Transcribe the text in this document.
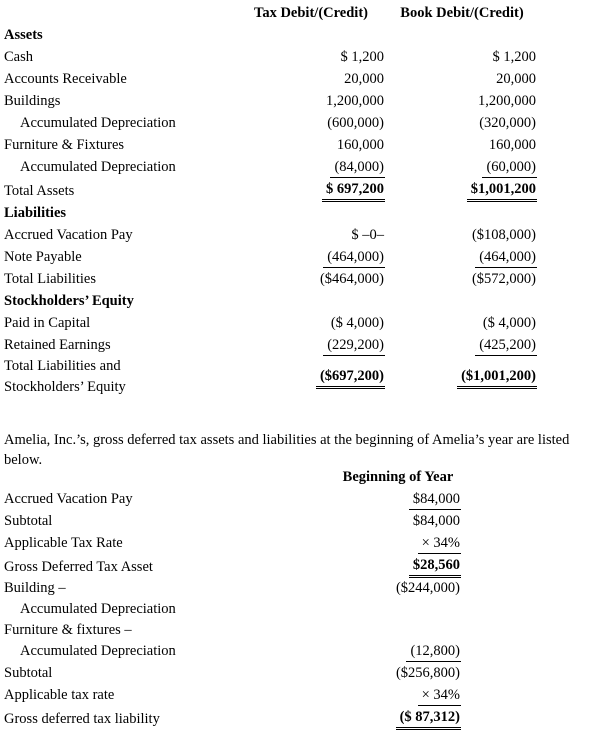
	Tax Debit/(Credit)	Book Debit/(Credit)
Assets		
Cash	$ 1,200	$ 1,200
Accounts Receivable	20,000	20,000
Buildings	1,200,000	1,200,000
Accumulated Depreciation	(600,000)	(320,000)
Furniture & Fixtures	160,000	160,000
Accumulated Depreciation	(84,000)	(60,000)
Total Assets	$ 697,200	$1,001,200

Liabilities		
Accrued Vacation Pay	$ –0–	($108,000)
Note Payable	(464,000)	(464,000)
Total Liabilities	($464,000)	($572,000)
Stockholders’ Equity		
Paid in Capital	($ 4,000)	($ 4,000)
Retained Earnings	(229,200)	(425,200)

Total Liabilities and
Stockholders’ Equity	($697,200)	($1,001,200)

Amelia, Inc.’s, gross deferred tax assets and liabilities at the beginning of Amelia’s year are listed below.

	Beginning of Year
Accrued Vacation Pay	$84,000
Subtotal	$84,000
Applicable Tax Rate	× 34%
Gross Deferred Tax Asset	$28,560

Building –
Accumulated Depreciation	($244,000)
Furniture & fixtures –
Accumulated Depreciation	(12,800)
Subtotal	($256,800)
Applicable tax rate	× 34%
Gross deferred tax liability	($ 87,312)
